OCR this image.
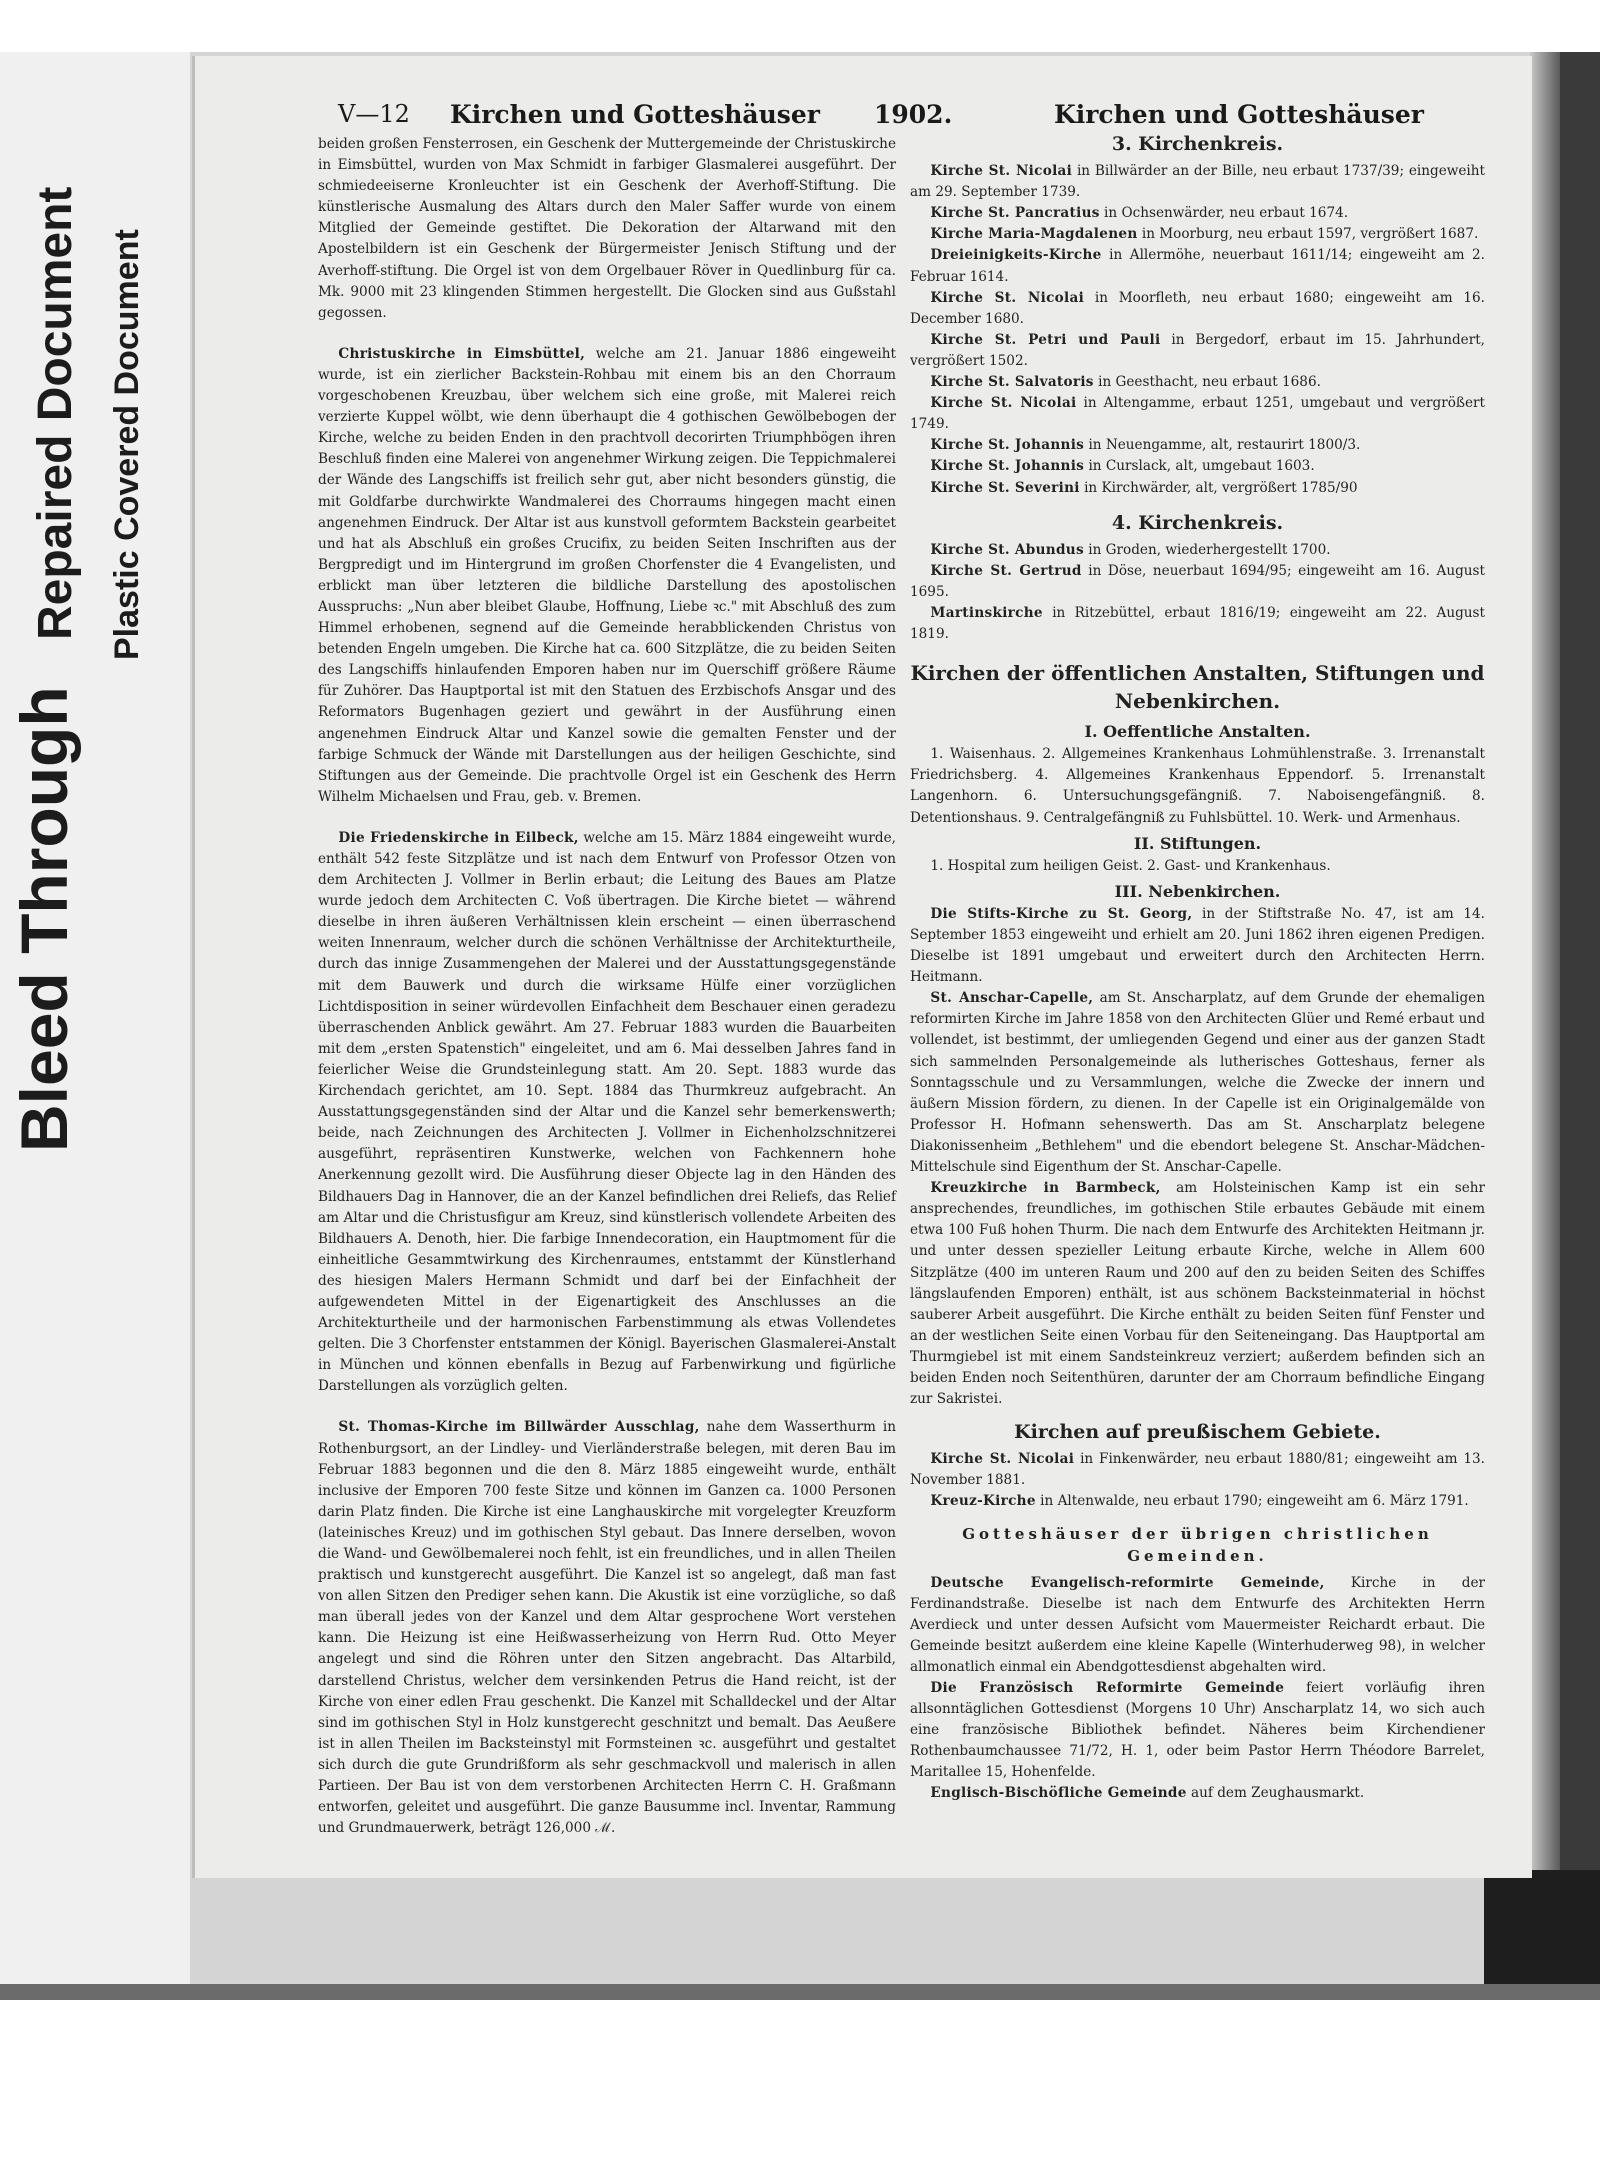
Bleed Through
Repaired Document Plastic Covered Document
V—12 Kirchen und Gotteshäuser 1902.	Kirchen und Gotteshäuser

beiden großen Fensterrosen, ein Geschenk der Muttergemeinde der Christuskirche in Eimsbüttel, wurden von Max Schmidt in farbiger Glasmalerei ausgeführt. Der schmiedeeiserne Kronleuchter ist ein Geschenk der Averhoff-Stiftung. Die künstlerische Ausmalung des Altars durch den Maler Saffer wurde von einem Mitglied der Gemeinde gestiftet. Die Dekoration der Altarwand mit den Apostelbildern ist ein Geschenk der Bürgermeister Jenisch Stiftung und der Averhoff-stiftung. Die Orgel ist von dem Orgelbauer Röver in Quedlinburg für ca. Mk. 9000 mit 23 klingenden Stimmen hergestellt. Die Glocken sind aus Gußstahl gegossen.

Christuskirche in Eimsbüttel, welche am 21. Januar 1886 eingeweiht wurde, ist ein zierlicher Backstein-Rohbau mit einem bis an den Chorraum vorgeschobenen Kreuzbau, über welchem sich eine große, mit Malerei reich verzierte Kuppel wölbt, wie denn überhaupt die 4 gothischen Gewölbebogen der Kirche, welche zu beiden Enden in den prachtvoll decorirten Triumphbögen ihren Beschluß finden eine Malerei von angenehmer Wirkung zeigen. Die Teppichmalerei der Wände des Langschiffs ist freilich sehr gut, aber nicht besonders günstig, die mit Goldfarbe durchwirkte Wandmalerei des Chorraums hingegen macht einen angenehmen Eindruck. Der Altar ist aus kunstvoll geformtem Backstein gearbeitet und hat als Abschluß ein großes Crucifix, zu beiden Seiten Inschriften aus der Bergpredigt und im Hintergrund im großen Chorfenster die 4 Evangelisten, und erblickt man über letzteren die bildliche Darstellung des apostolischen Ausspruchs: „Nun aber bleibet Glaube, Hoffnung, Liebe ꝛc." mit Abschluß des zum Himmel erhobenen, segnend auf die Gemeinde herabblickenden Christus von betenden Engeln umgeben. Die Kirche hat ca. 600 Sitzplätze, die zu beiden Seiten des Langschiffs hinlaufenden Emporen haben nur im Querschiff größere Räume für Zuhörer. Das Hauptportal ist mit den Statuen des Erzbischofs Ansgar und des Reformators Bugenhagen geziert und gewährt in der Ausführung einen angenehmen Eindruck Altar und Kanzel sowie die gemalten Fenster und der farbige Schmuck der Wände mit Darstellungen aus der heiligen Geschichte, sind Stiftungen aus der Gemeinde. Die prachtvolle Orgel ist ein Geschenk des Herrn Wilhelm Michaelsen und Frau, geb. v. Bremen.

Die Friedenskirche in Eilbeck, welche am 15. März 1884 eingeweiht wurde, enthält 542 feste Sitzplätze und ist nach dem Entwurf von Professor Otzen von dem Architecten J. Vollmer in Berlin erbaut; die Leitung des Baues am Platze wurde jedoch dem Architecten C. Voß übertragen. Die Kirche bietet — während dieselbe in ihren äußeren Verhältnissen klein erscheint — einen überraschend weiten Innenraum, welcher durch die schönen Verhältnisse der Architekturtheile, durch das innige Zusammengehen der Malerei und der Ausstattungsgegenstände mit dem Bauwerk und durch die wirksame Hülfe einer vorzüglichen Lichtdisposition in seiner würdevollen Einfachheit dem Beschauer einen geradezu überraschenden Anblick gewährt. Am 27. Februar 1883 wurden die Bauarbeiten mit dem „ersten Spatenstich" eingeleitet, und am 6. Mai desselben Jahres fand in feierlicher Weise die Grundsteinlegung statt. Am 20. Sept. 1883 wurde das Kirchendach gerichtet, am 10. Sept. 1884 das Thurmkreuz aufgebracht. An Ausstattungsgegenständen sind der Altar und die Kanzel sehr bemerkenswerth; beide, nach Zeichnungen des Architecten J. Vollmer in Eichenholzschnitzerei ausgeführt, repräsentiren Kunstwerke, welchen von Fachkennern hohe Anerkennung gezollt wird. Die Ausführung dieser Objecte lag in den Händen des Bildhauers Dag in Hannover, die an der Kanzel befindlichen drei Reliefs, das Relief am Altar und die Christusfigur am Kreuz, sind künstlerisch vollendete Arbeiten des Bildhauers A. Denoth, hier. Die farbige Innendecoration, ein Hauptmoment für die einheitliche Gesammtwirkung des Kirchenraumes, entstammt der Künstlerhand des hiesigen Malers Hermann Schmidt und darf bei der Einfachheit der aufgewendeten Mittel in der Eigenartigkeit des Anschlusses an die Architekturtheile und der harmonischen Farbenstimmung als etwas Vollendetes gelten. Die 3 Chorfenster entstammen der Königl. Bayerischen Glasmalerei-Anstalt in München und können ebenfalls in Bezug auf Farbenwirkung und figürliche Darstellungen als vorzüglich gelten.

St. Thomas-Kirche im Billwärder Ausschlag, nahe dem Wasserthurm in Rothenburgsort, an der Lindley- und Vierländerstraße belegen, mit deren Bau im Februar 1883 begonnen und die den 8. März 1885 eingeweiht wurde, enthält inclusive der Emporen 700 feste Sitze und können im Ganzen ca. 1000 Personen darin Platz finden. Die Kirche ist eine Langhauskirche mit vorgelegter Kreuzform (lateinisches Kreuz) und im gothischen Styl gebaut. Das Innere derselben, wovon die Wand- und Gewölbemalerei noch fehlt, ist ein freundliches, und in allen Theilen praktisch und kunstgerecht ausgeführt. Die Kanzel ist so angelegt, daß man fast von allen Sitzen den Prediger sehen kann. Die Akustik ist eine vorzügliche, so daß man überall jedes von der Kanzel und dem Altar gesprochene Wort verstehen kann. Die Heizung ist eine Heißwasserheizung von Herrn Rud. Otto Meyer angelegt und sind die Röhren unter den Sitzen angebracht. Das Altarbild, darstellend Christus, welcher dem versinkenden Petrus die Hand reicht, ist der Kirche von einer edlen Frau geschenkt. Die Kanzel mit Schalldeckel und der Altar sind im gothischen Styl in Holz kunstgerecht geschnitzt und bemalt. Das Aeußere ist in allen Theilen im Backsteinstyl mit Formsteinen ꝛc. ausgeführt und gestaltet sich durch die gute Grundrißform als sehr geschmackvoll und malerisch in allen Partieen. Der Bau ist von dem verstorbenen Architecten Herrn C. H. Graßmann entworfen, geleitet und ausgeführt. Die ganze Bausumme incl. Inventar, Rammung und Grundmauerwerk, beträgt 126,000 ℳ.

3. Kirchenkreis.

Kirche St. Nicolai in Billwärder an der Bille, neu erbaut 1737/39; eingeweiht am 29. September 1739.

Kirche St. Pancratius in Ochsenwärder, neu erbaut 1674.

Kirche Maria-Magdalenen in Moorburg, neu erbaut 1597, vergrößert 1687.

Dreieinigkeits-Kirche in Allermöhe, neuerbaut 1611/14; eingeweiht am 2. Februar 1614.

Kirche St. Nicolai in Moorfleth, neu erbaut 1680; eingeweiht am 16. December 1680.

Kirche St. Petri und Pauli in Bergedorf, erbaut im 15. Jahrhundert, vergrößert 1502.

Kirche St. Salvatoris in Geesthacht, neu erbaut 1686.

Kirche St. Nicolai in Altengamme, erbaut 1251, umgebaut und vergrößert 1749.

Kirche St. Johannis in Neuengamme, alt, restaurirt 1800/3.

Kirche St. Johannis in Curslack, alt, umgebaut 1603.

Kirche St. Severini in Kirchwärder, alt, vergrößert 1785/90

4. Kirchenkreis.

Kirche St. Abundus in Groden, wiederhergestellt 1700.

Kirche St. Gertrud in Döse, neuerbaut 1694/95; eingeweiht am 16. August 1695.

Martinskirche in Ritzebüttel, erbaut 1816/19; eingeweiht am 22. August 1819.

Kirchen der öffentlichen Anstalten, Stiftungen und Nebenkirchen.
I. Oeffentliche Anstalten.

1. Waisenhaus. 2. Allgemeines Krankenhaus Lohmühlenstraße. 3. Irrenanstalt Friedrichsberg. 4. Allgemeines Krankenhaus Eppendorf. 5. Irrenanstalt Langenhorn. 6. Untersuchungsgefängniß. 7. Naboisengefängniß. 8. Detentionshaus. 9. Centralgefängniß zu Fuhlsbüttel. 10. Werk- und Armenhaus.

II. Stiftungen.

1. Hospital zum heiligen Geist. 2. Gast- und Krankenhaus.

III. Nebenkirchen.

Die Stifts-Kirche zu St. Georg, in der Stiftstraße No. 47, ist am 14. September 1853 eingeweiht und erhielt am 20. Juni 1862 ihren eigenen Predigen. Dieselbe ist 1891 umgebaut und erweitert durch den Architecten Herrn. Heitmann.

St. Anschar-Capelle, am St. Anscharplatz, auf dem Grunde der ehemaligen reformirten Kirche im Jahre 1858 von den Architecten Glüer und Remé erbaut und vollendet, ist bestimmt, der umliegenden Gegend und einer aus der ganzen Stadt sich sammelnden Personalgemeinde als lutherisches Gotteshaus, ferner als Sonntagsschule und zu Versammlungen, welche die Zwecke der innern und äußern Mission fördern, zu dienen. In der Capelle ist ein Originalgemälde von Professor H. Hofmann sehenswerth. Das am St. Anscharplatz belegene Diakonissenheim „Bethlehem" und die ebendort belegene St. Anschar-Mädchen-Mittelschule sind Eigenthum der St. Anschar-Capelle.

Kreuzkirche in Barmbeck, am Holsteinischen Kamp ist ein sehr ansprechendes, freundliches, im gothischen Stile erbautes Gebäude mit einem etwa 100 Fuß hohen Thurm. Die nach dem Entwurfe des Architekten Heitmann jr. und unter dessen spezieller Leitung erbaute Kirche, welche in Allem 600 Sitzplätze (400 im unteren Raum und 200 auf den zu beiden Seiten des Schiffes längslaufenden Emporen) enthält, ist aus schönem Backsteinmaterial in höchst sauberer Arbeit ausgeführt. Die Kirche enthält zu beiden Seiten fünf Fenster und an der westlichen Seite einen Vorbau für den Seiteneingang. Das Hauptportal am Thurmgiebel ist mit einem Sandsteinkreuz verziert; außerdem befinden sich an beiden Enden noch Seitenthüren, darunter der am Chorraum befindliche Eingang zur Sakristei.

Kirchen auf preußischem Gebiete.

Kirche St. Nicolai in Finkenwärder, neu erbaut 1880/81; eingeweiht am 13. November 1881.

Kreuz-Kirche in Altenwalde, neu erbaut 1790; eingeweiht am 6. März 1791.

Gotteshäuser der übrigen christlichen Gemeinden.

Deutsche Evangelisch-reformirte Gemeinde, Kirche in der Ferdinandstraße. Dieselbe ist nach dem Entwurfe des Architekten Herrn Averdieck und unter dessen Aufsicht vom Mauermeister Reichardt erbaut. Die Gemeinde besitzt außerdem eine kleine Kapelle (Winterhuderweg 98), in welcher allmonatlich einmal ein Abendgottesdienst abgehalten wird.

Die Französisch Reformirte Gemeinde feiert vorläufig ihren allsonntäglichen Gottesdienst (Morgens 10 Uhr) Anscharplatz 14, wo sich auch eine französische Bibliothek befindet. Näheres beim Kirchendiener Rothenbaumchaussee 71/72, H. 1, oder beim Pastor Herrn Théodore Barrelet, Maritallee 15, Hohenfelde.

Englisch-Bischöfliche Gemeinde auf dem Zeughausmarkt.
